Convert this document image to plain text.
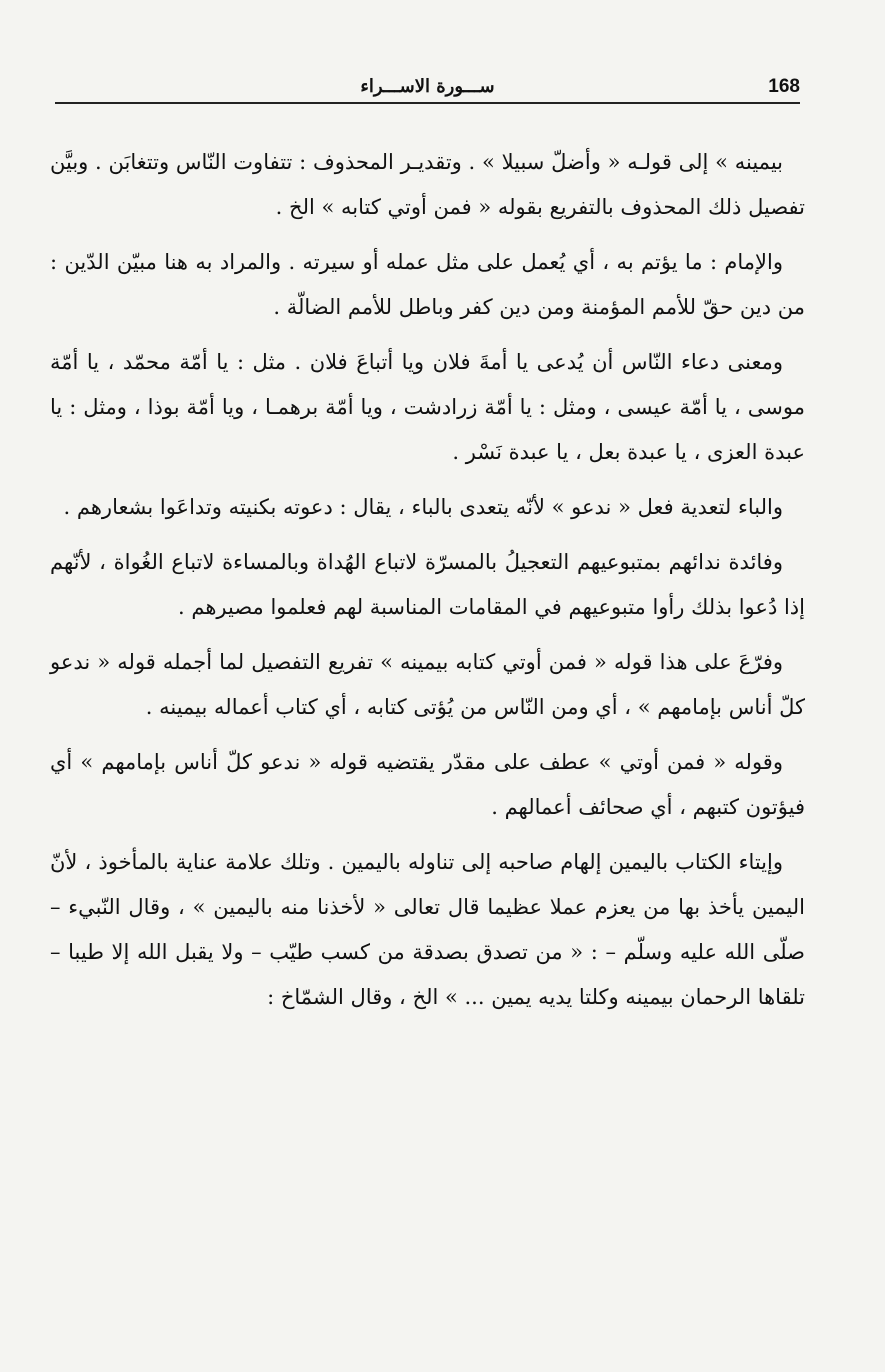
168
ســـورة الاســـراء

بيمينه » إلى قولـه « وأضلّ سبيلا » . وتقديـر المحذوف : تتفاوت النّاس وتتغابَن . وبيَّن تفصيل ذلك المحذوف بالتفريع بقوله « فمن أوتي كتابه » الخ .

والإمام : ما يؤتم به ، أي يُعمل على مثل عمله أو سيرته . والمراد به هنا مبيّن الدّين : من دين حقّ للأمم المؤمنة ومن دين كفر وباطل للأمم الضالّة .

ومعنى دعاء النّاس أن يُدعى يا أمةَ فلان ويا أتباعَ فلان . مثل : يا أمّة محمّد ، يا أمّة موسى ، يا أمّة عيسى ، ومثل : يا أمّة زرادشت ، ويا أمّة برهمـا ، ويا أمّة بوذا ، ومثل : يا عبدة العزى ، يا عبدة بعل ، يا عبدة نَسْر .

والباء لتعدية فعل « ندعو » لأنّه يتعدى بالباء ، يقال : دعوته بكنيته وتداعَوا بشعارهم .

وفائدة ندائهم بمتبوعيهم التعجيلُ بالمسرّة لاتباع الهُداة وبالمساءة لاتباع الغُواة ، لأنّهم إذا دُعوا بذلك رأوا متبوعيهم في المقامات المناسبة لهم فعلموا مصيرهم .

وفرّعَ على هذا قوله « فمن أوتي كتابه بيمينه » تفريع التفصيل لما أجمله قوله « ندعو كلّ أناس بإمامهم » ، أي ومن النّاس من يُؤتى كتابه ، أي كتاب أعماله بيمينه .

وقوله « فمن أوتي » عطف على مقدّر يقتضيه قوله « ندعو كلّ أناس بإمامهم » أي فيؤتون كتبهم ، أي صحائف أعمالهم .

وإيتاء الكتاب باليمين إلهام صاحبه إلى تناوله باليمين . وتلك علامة عناية بالمأخوذ ، لأنّ اليمين يأخذ بها من يعزم عملا عظيما قال تعالى « لأخذنا منه باليمين » ، وقال النّبيء – صلّى الله عليه وسلّم – : « من تصدق بصدقة من كسب طيّب – ولا يقبل الله إلا طيبا – تلقاها الرحمان بيمينه وكلتا يديه يمين ... » الخ ، وقال الشمّاخ :
